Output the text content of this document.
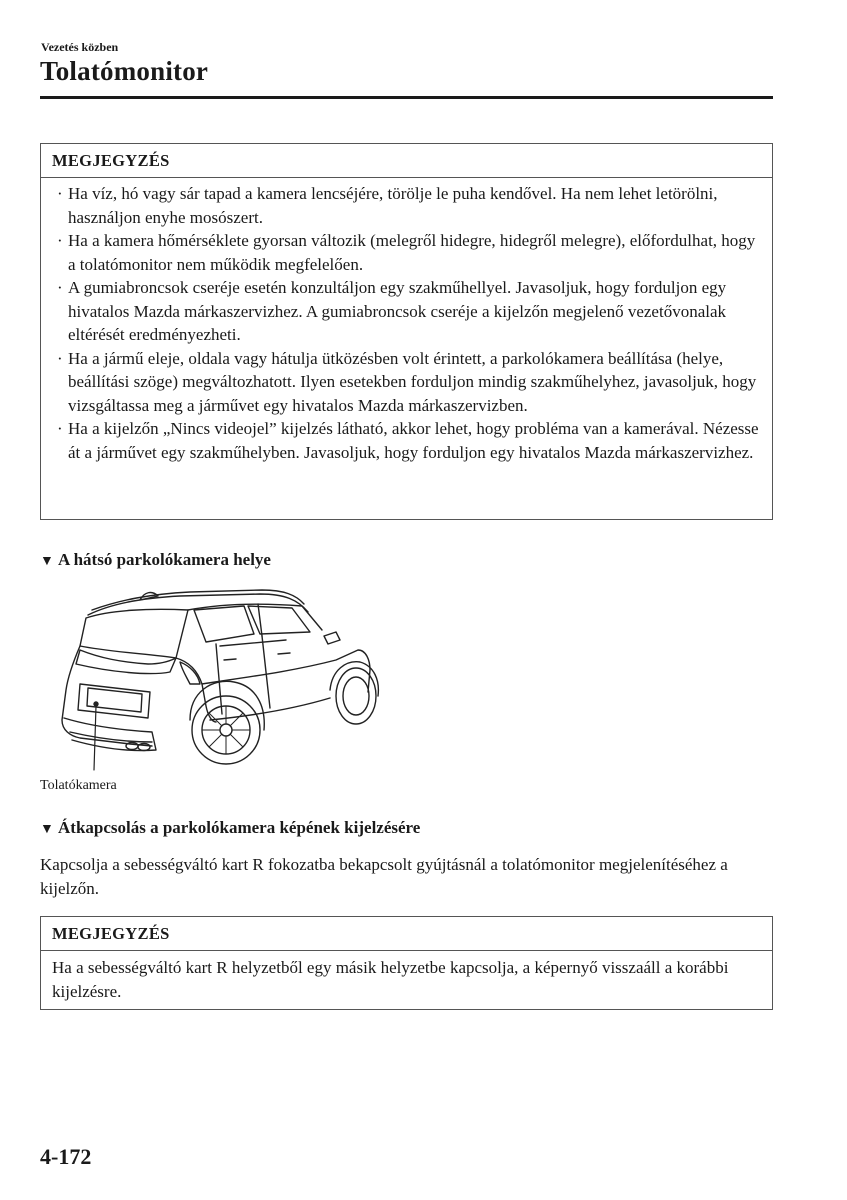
Vezetés közben
Tolatómonitor
MEGJEGYZÉS
· Ha víz, hó vagy sár tapad a kamera lencséjére, törölje le puha kendővel. Ha nem lehet letörölni, használjon enyhe mosószert.
· Ha a kamera hőmérséklete gyorsan változik (melegről hidegre, hidegről melegre), előfordulhat, hogy a tolatómonitor nem működik megfelelően.
· A gumiabroncsok cseréje esetén konzultáljon egy szakműhellyel. Javasoljuk, hogy forduljon egy hivatalos Mazda márkaszervizhez. A gumiabroncsok cseréje a kijelzőn megjelenő vezetővonalak eltérését eredményezheti.
· Ha a jármű eleje, oldala vagy hátulja ütközésben volt érintett, a parkolókamera beállítása (helye, beállítási szöge) megváltozhatott. Ilyen esetekben forduljon mindig szakműhelyhez, javasoljuk, hogy vizsgáltassa meg a járművet egy hivatalos Mazda márkaszervizben.
· Ha a kijelzőn „Nincs videojel” kijelzés látható, akkor lehet, hogy probléma van a kamerával. Nézesse át a járművet egy szakműhelyben. Javasoljuk, hogy forduljon egy hivatalos Mazda márkaszervizhez.
▼ A hátsó parkolókamera helye
Tolatókamera
▼ Átkapcsolás a parkolókamera képének kijelzésére

Kapcsolja a sebességváltó kart R fokozatba bekapcsolt gyújtásnál a tolatómonitor megjelenítéséhez a kijelzőn.

MEGJEGYZÉS
Ha a sebességváltó kart R helyzetből egy másik helyzetbe kapcsolja, a képernyő visszaáll a korábbi kijelzésre.
4-172
